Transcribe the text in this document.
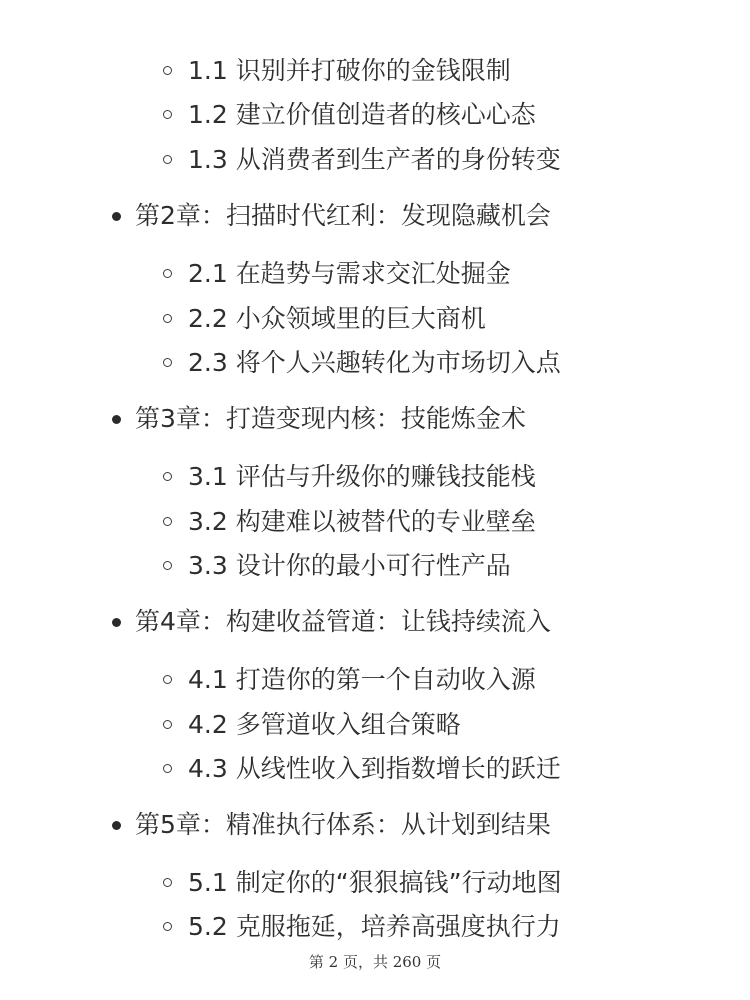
1.1 识别并打破你的金钱限制
1.2 建立价值创造者的核心心态
1.3 从消费者到生产者的身份转变
第2章：扫描时代红利：发现隐藏机会
2.1 在趋势与需求交汇处掘金
2.2 小众领域里的巨大商机
2.3 将个人兴趣转化为市场切入点
第3章：打造变现内核：技能炼金术
3.1 评估与升级你的赚钱技能栈
3.2 构建难以被替代的专业壁垒
3.3 设计你的最小可行性产品
第4章：构建收益管道：让钱持续流入
4.1 打造你的第一个自动收入源
4.2 多管道收入组合策略
4.3 从线性收入到指数增长的跃迁
第5章：精准执行体系：从计划到结果
5.1 制定你的“狠狠搞钱”行动地图
5.2 克服拖延，培养高强度执行力
第 2 页，共 260 页
